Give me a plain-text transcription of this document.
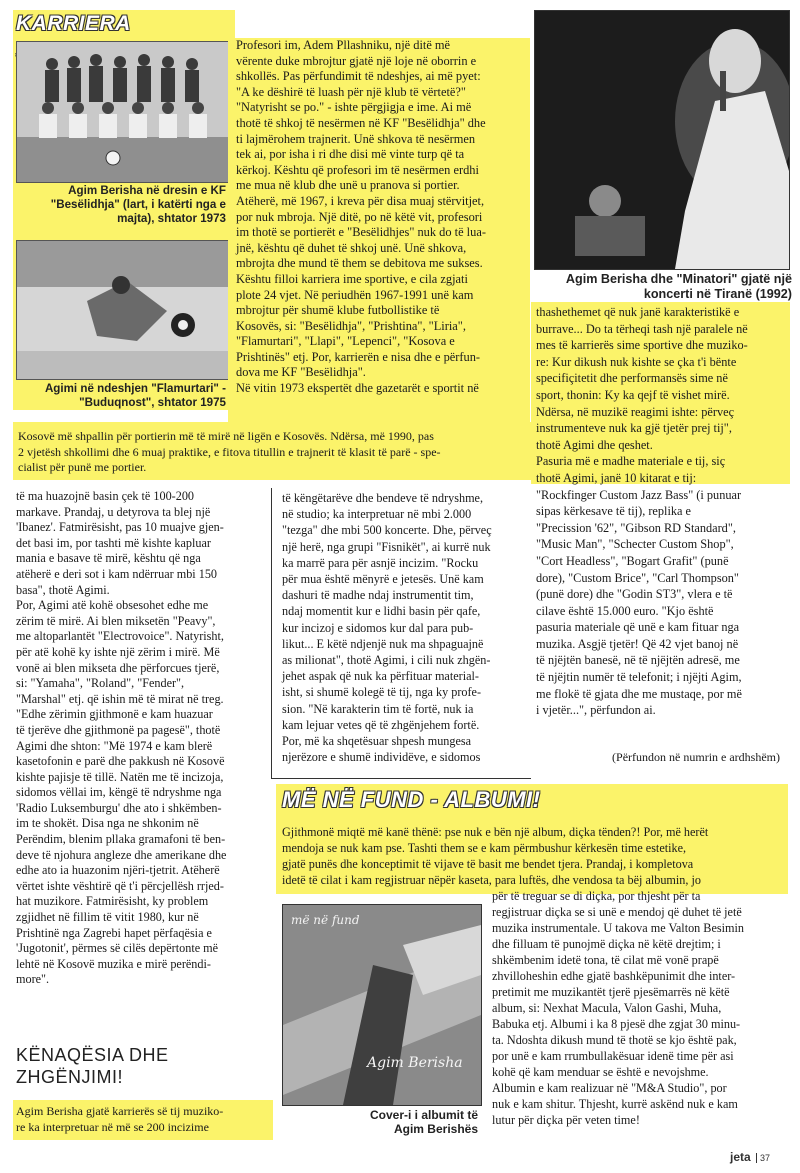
KARRIERA
Agim Berisha në dresin e KF "Besëlidhja" (lart, i katërti nga e majta), shtator 1973
Agimi në ndeshjen "Flamurtari" - "Buduqnost", shtator 1975
Agim Berisha dhe "Minatori" gjatë një koncerti në Tiranë (1992)
Profesori im, Adem Pllashniku, një ditë më
vërente duke mbrojtur gjatë një loje në oborrin e
shkollës. Pas përfundimit të ndeshjes, ai më pyet:
"A ke dëshirë të luash për një klub të vërtetë?"
"Natyrisht se po." - ishte përgjigja e ime. Ai më
thotë të shkoj të nesërmen në KF "Besëlidhja" dhe
ti lajmërohem trajnerit. Unë shkova të nesërmen
tek ai, por isha i ri dhe disi më vinte turp që ta
kërkoj. Kështu që profesori im të nesërmen erdhi
me mua në klub dhe unë u pranova si portier.
Atëherë, më 1967, i kreva për disa muaj stërvitjet,
por nuk mbroja. Një ditë, po në këtë vit, profesori
im thotë se portierët e "Besëlidhjes" nuk do të lua-
jnë, kështu që duhet të shkoj unë. Unë shkova,
mbrojta dhe mund të them se debitova me sukses.
Kështu filloi karriera ime sportive, e cila zgjati
plote 24 vjet. Në periudhën 1967-1991 unë kam
mbrojtur për shumë klube futbollistike të
Kosovës, si: "Besëlidhja", "Prishtina", "Liria",
"Flamurtari", "Llapi", "Lepenci", "Kosova e
Prishtinës" etj. Por, karrierën e nisa dhe e përfun-
dova me KF "Besëlidhja".
Në vitin 1973 ekspertët dhe gazetarët e sportit në
Kosovë më shpallin për portierin më të mirë në ligën e Kosovës. Ndërsa, më 1990, pas
2 vjetësh shkollimi dhe 6 muaj praktike, e fitova titullin e trajnerit të klasit të parë - spe-
cialist për punë me portier.
të ma huazojnë basin çek të 100-200
markave. Prandaj, u detyrova ta blej një
'Ibanez'. Fatmirësisht, pas 10 muajve gjen-
det basi im, por tashti më kishte kapluar
mania e basave të mirë, kështu që nga
atëherë e deri sot i kam ndërruar mbi 150
basa", thotë Agimi.
Por, Agimi atë kohë obsesohet edhe me
zërim të mirë. Ai blen miksetën "Peavy",
me altoparlantët "Electrovoice". Natyrisht,
për atë kohë ky ishte një zërim i mirë. Më
vonë ai blen mikseta dhe përforcues tjerë,
si: "Yamaha", "Roland", "Fender",
"Marshal" etj. që ishin më të mirat në treg.
"Edhe zërimin gjithmonë e kam huazuar
të tjerëve dhe gjithmonë pa pagesë", thotë
Agimi dhe shton: "Më 1974 e kam blerë
kasetofonin e parë dhe pakkush në Kosovë
kishte pajisje të tillë. Natën me të incizoja,
sidomos vëllai im, këngë të ndryshme nga
'Radio Luksemburgu' dhe ato i shkëmben-
im te shokët. Disa nga ne shkonim në
Perëndim, blenim pllaka gramafoni të ben-
deve të njohura angleze dhe amerikane dhe
edhe ato ia huazonim njëri-tjetrit. Atëherë
vërtet ishte vështirë që t'i përcjellësh rrjed-
hat muzikore. Fatmirësisht, ky problem
zgjidhet në fillim të vitit 1980, kur në
Prishtinë nga Zagrebi hapet përfaqësia e
'Jugotonit', përmes së cilës depërtonte më
lehtë në Kosovë muzika e mirë perëndi-
more".
KËNAQËSIA DHE
ZHGËNJIMI!
Agim Berisha gjatë karrierës së tij muziko-
re ka interpretuar në më se 200 incizime
të këngëtarëve dhe bendeve të ndryshme,
në studio; ka interpretuar në mbi 2.000
"tezga" dhe mbi 500 koncerte. Dhe, përveç
një herë, nga grupi "Fisnikët", ai kurrë nuk
ka marrë para për asnjë incizim. "Rocku
për mua është mënyrë e jetesës. Unë kam
dashuri të madhe ndaj instrumentit tim,
ndaj momentit kur e lidhi basin për qafe,
kur incizoj e sidomos kur dal para pub-
likut... E këtë ndjenjë nuk ma shpaguajnë
as milionat", thotë Agimi, i cili nuk zhgën-
jehet aspak që nuk ka përfituar material-
isht, si shumë kolegë të tij, nga ky profe-
sion. "Në karakterin tim të fortë, nuk ia
kam lejuar vetes që të zhgënjehem fortë.
Por, më ka shqetësuar shpesh mungesa
njerëzore e shumë individëve, e sidomos
thashethemet që nuk janë karakteristikë e
burrave... Do ta tërheqi tash një paralele në
mes të karrierës sime sportive dhe muziko-
re: Kur dikush nuk kishte se çka t'i bënte
specifiçitetit dhe performansës sime në
sport, thonin: Ky ka qejf të vishet mirë.
Ndërsa, në muzikë reagimi ishte: përveç
instrumenteve nuk ka gjë tjetër prej tij",
thotë Agimi dhe qeshet.
Pasuria më e madhe materiale e tij, siç
thotë Agimi, janë 10 kitarat e tij:
"Rockfinger Custom Jazz Bass" (i punuar
sipas kërkesave të tij), replika e
"Precission '62", "Gibson RD Standard",
"Music Man", "Schecter Custom Shop",
"Cort Headless", "Bogart Grafit" (punë
dore), "Custom Brice", "Carl Thompson"
(punë dore) dhe "Godin ST3", vlera e të
cilave është 15.000 euro. "Kjo është
pasuria materiale që unë e kam fituar nga
muzika. Asgjë tjetër! Që 42 vjet banoj në
të njëjtën banesë, në të njëjtën adresë, me
të njëjtin numër të telefonit; i njëjti Agim,
me flokë të gjata dhe me mustaqe, por më
i vjetër...", përfundon ai.
(Përfundon në numrin e ardhshëm)
MË NË FUND - ALBUMI!
Gjithmonë miqtë më kanë thënë: pse nuk e bën një album, diçka tënden?! Por, më herët
mendoja se nuk kam pse. Tashti them se e kam përmbushur kërkesën time estetike,
gjatë punës dhe konceptimit të vijave të basit me bendet tjera. Prandaj, i kompletova
idetë të cilat i kam regjistruar nëpër kaseta, para luftës, dhe vendosa ta bëj albumin, jo
më në fund
Agim Berisha
Cover-i i albumit të Agim Berishës
për të treguar se di diçka, por thjesht për ta
regjistruar diçka se si unë e mendoj që duhet të jetë
muzika instrumentale. U takova me Valton Besimin
dhe filluam të punojmë diçka në këtë drejtim; i
shkëmbenim idetë tona, të cilat më vonë prapë
zhvilloheshin edhe gjatë bashkëpunimit dhe inter-
pretimit me muzikantët tjerë pjesëmarrës në këtë
album, si: Nexhat Macula, Valon Gashi, Muha,
Babuka etj. Albumi i ka 8 pjesë dhe zgjat 30 minu-
ta. Ndoshta dikush mund të thotë se kjo është pak,
por unë e kam rrumbullakësuar idenë time për asi
kohë që kam menduar se është e nevojshme.
Albumin e kam realizuar në "M&A Studio", por
nuk e kam shitur. Thjesht, kurrë askënd nuk e kam
lutur për diçka për veten time!
jeta 37
